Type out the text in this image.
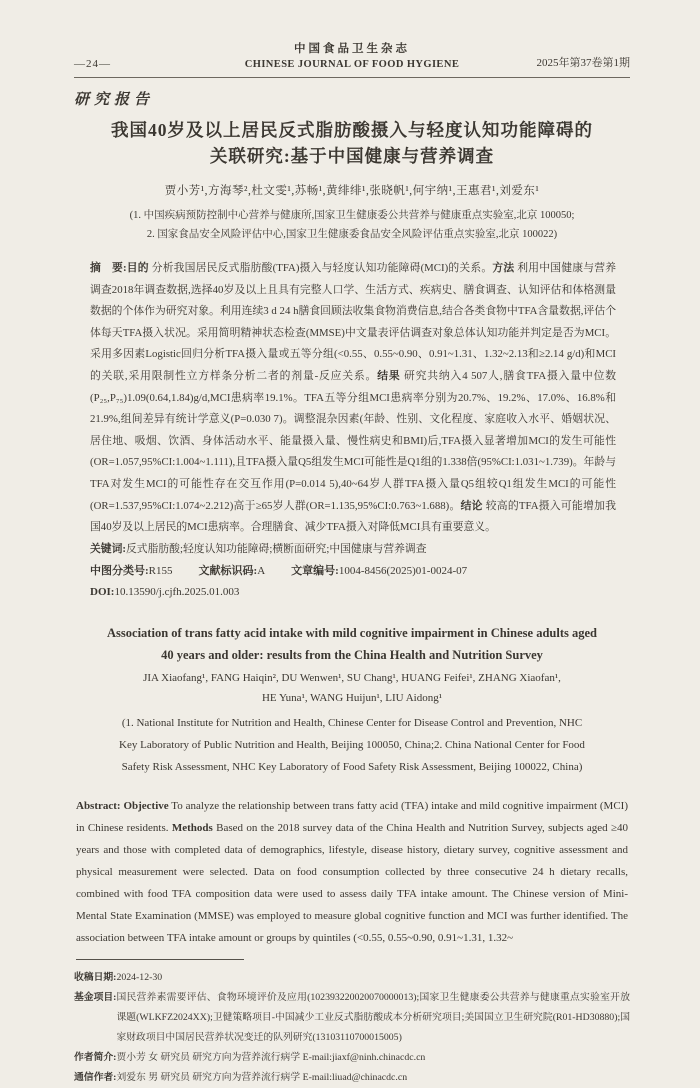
—24—
中国食品卫生杂志
CHINESE JOURNAL OF FOOD HYGIENE	2025年第37卷第1期
研究报告
我国40岁及以上居民反式脂肪酸摄入与轻度认知功能障碍的
关联研究:基于中国健康与营养调查
贾小芳¹,方海琴²,杜文雯¹,苏畅¹,黄绯绯¹,张晓帆¹,何宇纳¹,王惠君¹,刘爱东¹
(1. 中国疾病预防控制中心营养与健康所,国家卫生健康委公共营养与健康重点实验室,北京 100050;
2. 国家食品安全风险评估中心,国家卫生健康委食品安全风险评估重点实验室,北京 100022)

摘　要:目的 分析我国居民反式脂肪酸(TFA)摄入与轻度认知功能障碍(MCI)的关系。方法 利用中国健康与营养调查2018年调查数据,选择40岁及以上且具有完整人口学、生活方式、疾病史、膳食调查、认知评估和体格测量数据的个体作为研究对象。利用连续3 d 24 h膳食回顾法收集食物消费信息,结合各类食物中TFA含量数据,评估个体每天TFA摄入状况。采用简明精神状态检查(MMSE)中文量表评估调查对象总体认知功能并判定是否为MCI。采用多因素Logistic回归分析TFA摄入量或五等分组(<0.55、0.55~0.90、0.91~1.31、1.32~2.13和≥2.14 g/d)和MCI的关联,采用限制性立方样条分析二者的剂量-反应关系。结果 研究共纳入4 507人,膳食TFA摄入量中位数(P₂₅,P₇₅)1.09(0.64,1.84)g/d,MCI患病率19.1%。TFA五等分组MCI患病率分别为20.7%、19.2%、17.0%、16.8%和21.9%,组间差异有统计学意义(P=0.030 7)。调整混杂因素(年龄、性别、文化程度、家庭收入水平、婚姻状况、居住地、吸烟、饮酒、身体活动水平、能量摄入量、慢性病史和BMI)后,TFA摄入显著增加MCI的发生可能性(OR=1.057,95%CI:1.004~1.111),且TFA摄入量Q5组发生MCI可能性是Q1组的1.338倍(95%CI:1.031~1.739)。年龄与TFA对发生MCI的可能性存在交互作用(P=0.014 5),40~64岁人群TFA摄入量Q5组较Q1组发生MCI的可能性(OR=1.537,95%CI:1.074~2.212)高于≥65岁人群(OR=1.135,95%CI:0.763~1.688)。结论 较高的TFA摄入可能增加我国40岁及以上居民的MCI患病率。合理膳食、减少TFA摄入对降低MCI具有重要意义。

关键词:反式脂肪酸;轻度认知功能障碍;横断面研究;中国健康与营养调查
中图分类号:R155 文献标识码:A 文章编号:1004-8456(2025)01-0024-07
DOI:10.13590/j.cjfh.2025.01.003
Association of trans fatty acid intake with mild cognitive impairment in Chinese adults aged
40 years and older: results from the China Health and Nutrition Survey
JIA Xiaofang¹, FANG Haiqin², DU Wenwen¹, SU Chang¹, HUANG Feifei¹, ZHANG Xiaofan¹,
HE Yuna¹, WANG Huijun¹, LIU Aidong¹
(1. National Institute for Nutrition and Health, Chinese Center for Disease Control and Prevention, NHC
Key Laboratory of Public Nutrition and Health, Beijing 100050, China;2. China National Center for Food
Safety Risk Assessment, NHC Key Laboratory of Food Safety Risk Assessment, Beijing 100022, China)

Abstract: Objective To analyze the relationship between trans fatty acid (TFA) intake and mild cognitive impairment (MCI) in Chinese residents. Methods Based on the 2018 survey data of the China Health and Nutrition Survey, subjects aged ≥40 years and those with completed data of demographics, lifestyle, disease history, dietary survey, cognitive assessment and physical measurement were selected. Data on food consumption collected by three consecutive 24 h dietary recalls, combined with food TFA composition data were used to assess daily TFA intake amount. The Chinese version of Mini-Mental State Examination (MMSE) was employed to measure global cognitive function and MCI was further identified. The association between TFA intake amount or groups by quintiles (<0.55, 0.55~0.90, 0.91~1.31, 1.32~

收稿日期: 2024-12-30
基金项目: 国民营养素需要评估、食物环境评价及应用(102393220020070000013);国家卫生健康委公共营养与健康重点实验室开放课题(WLKFZ2024XX);卫健策略项目-中国减少工业反式脂肪酸成本分析研究项目;美国国立卫生研究院(R01-HD30880);国家财政项目中国居民营养状况变迁的队列研究(13103110700015005)
作者简介: 贾小芳 女 研究员 研究方向为营养流行病学 E-mail:jiaxf@ninh.chinacdc.cn
通信作者: 刘爱东 男 研究员 研究方向为营养流行病学 E-mail:liuad@chinacdc.cn
